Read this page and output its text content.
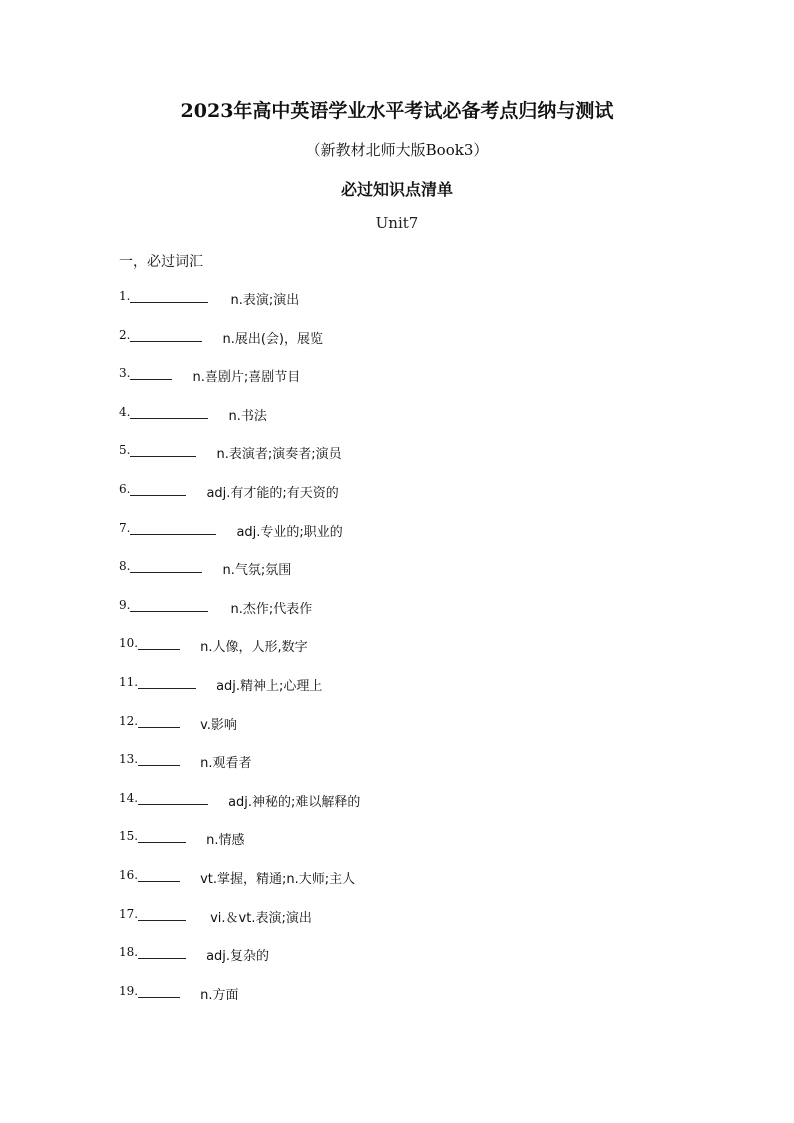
2023年高中英语学业水平考试必备考点归纳与测试
（新教材北师大版Book3）
必过知识点清单
Unit7
一，必过词汇
1.	n.表演;演出
2.	n.展出(会)，展览
3.	n.喜剧片;喜剧节目
4.	n.书法
5.	n.表演者;演奏者;演员
6.	adj.有才能的;有天资的
7.	adj.专业的;职业的
8.	n.气氛;氛围
9.	n.杰作;代表作
10.	n.人像，人形,数字
11.	adj.精神上;心理上
12.	v.影响
13.	n.观看者
14.	adj.神秘的;难以解释的
15.	n.情感
16.	vt.掌握，精通;n.大师;主人
17.	vi.＆vt.表演;演出
18.	adj.复杂的
19.	n.方面
